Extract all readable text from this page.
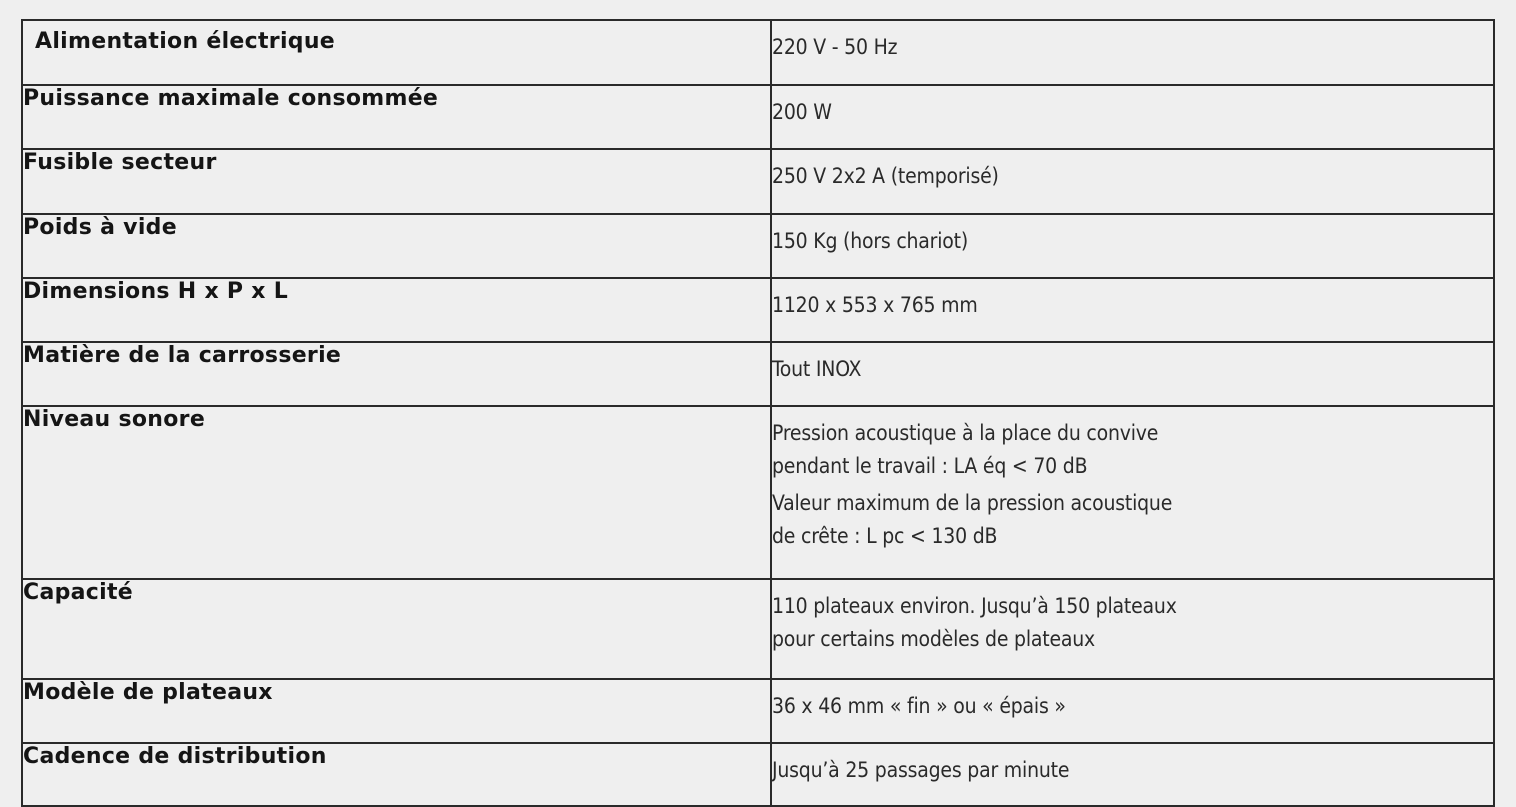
Alimentation électrique	220 V - 50 Hz

Puissance maximale consommée	200 W

Fusible secteur	250 V 2x2 A (temporisé)

Poids à vide	150 Kg (hors chariot)

Dimensions H x P x L	1120 x 553 x 765 mm

Matière de la carrosserie	Tout INOX

Niveau sonore	Pression acoustique à la place du convive
pendant le travail : LA éq < 70 dB
Valeur maximum de la pression acoustique
de crête : L pc < 130 dB

Capacité	110 plateaux environ. Jusqu’à 150 plateaux
pour certains modèles de plateaux

Modèle de plateaux	36 x 46 mm « fin » ou « épais »

Cadence de distribution	Jusqu’à 25 passages par minute
